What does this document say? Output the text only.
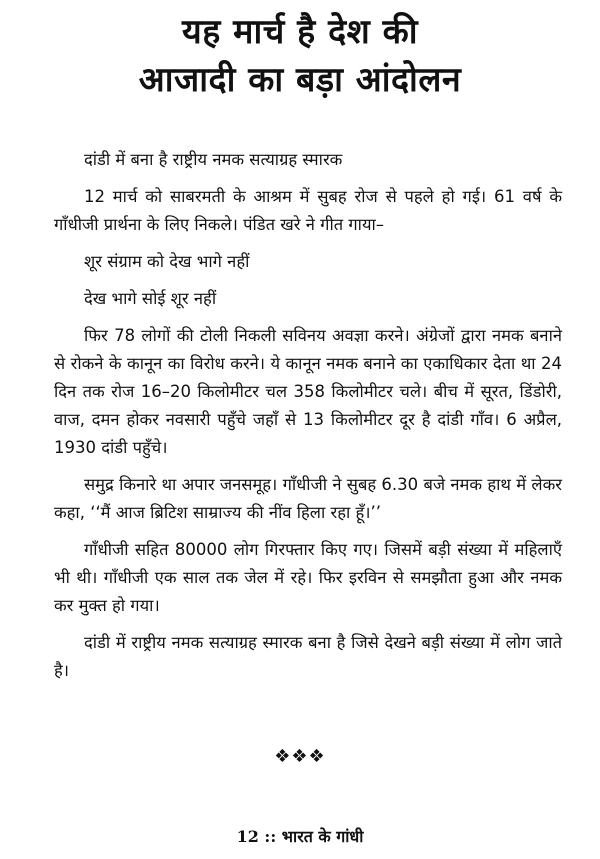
यह मार्च है देश की
आजादी का बड़ा आंदोलन

दांडी में बना है राष्ट्रीय नमक सत्याग्रह स्मारक

12 मार्च को साबरमती के आश्रम में सुबह रोज से पहले हो गई। 61 वर्ष के गाँधीजी प्रार्थना के लिए निकले। पंडित खरे ने गीत गाया–

शूर संग्राम को देख भागे नहीं

देख भागे सोई शूर नहीं

फिर 78 लोगों की टोली निकली सविनय अवज्ञा करने। अंग्रेजों द्वारा नमक बनाने से रोकने के कानून का विरोध करने। ये कानून नमक बनाने का एकाधिकार देता था 24 दिन तक रोज 16–20 किलोमीटर चल 358 किलोमीटर चले। बीच में सूरत, डिंडोरी, वाज, दमन होकर नवसारी पहुँचे जहाँ से 13 किलोमीटर दूर है दांडी गाँव। 6 अप्रैल, 1930 दांडी पहुँचे।

समुद्र किनारे था अपार जनसमूह। गाँधीजी ने सुबह 6.30 बजे नमक हाथ में लेकर कहा, ‘‘मैं आज ब्रिटिश साम्राज्य की नींव हिला रहा हूँ।’’

गाँधीजी सहित 80000 लोग गिरफ्तार किए गए। जिसमें बड़ी संख्या में महिलाएँ भी थी। गाँधीजी एक साल तक जेल में रहे। फिर इरविन से समझौता हुआ और नमक कर मुक्त हो गया।

दांडी में राष्ट्रीय नमक सत्याग्रह स्मारक बना है जिसे देखने बड़ी संख्या में लोग जाते है।

❖❖❖
12 :: भारत के गांधी
